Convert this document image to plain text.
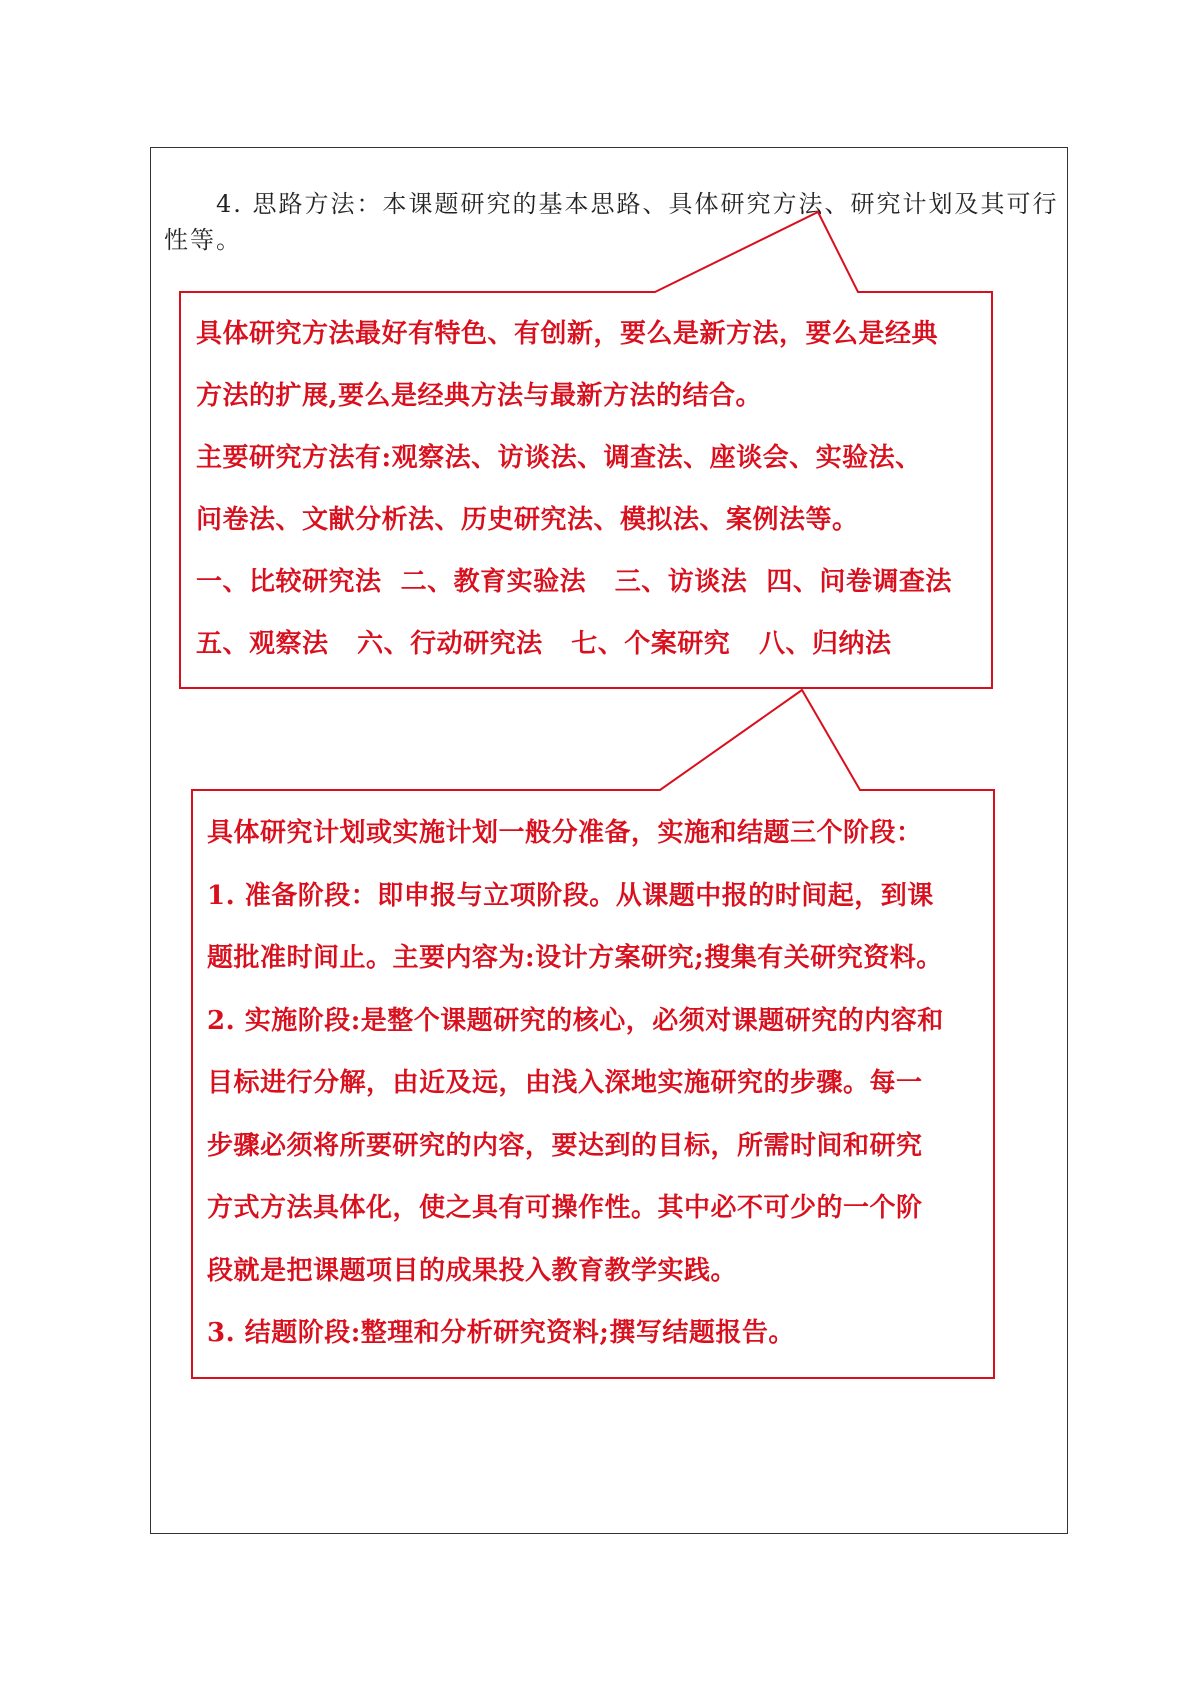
4. 思路方法：本课题研究的基本思路、具体研究方法、研究计划及其可行性等。

具体研究方法最好有特色、有创新，要么是新方法，要么是经典

方法的扩展,要么是经典方法与最新方法的结合。

主要研究方法有:观察法、访谈法、调查法、座谈会、实验法、

问卷法、文献分析法、历史研究法、模拟法、案例法等。

一、比较研究法  二、教育实验法   三、访谈法  四、问卷调查法

五、观察法   六、行动研究法   七、个案研究   八、归纳法

具体研究计划或实施计划一般分准备，实施和结题三个阶段：

1. 准备阶段：即申报与立项阶段。从课题中报的时间起，到课

题批准时间止。主要内容为:设计方案研究;搜集有关研究资料。

2. 实施阶段:是整个课题研究的核心，必须对课题研究的内容和

目标进行分解，由近及远，由浅入深地实施研究的步骤。每一

步骤必须将所要研究的内容，要达到的目标，所需时间和研究

方式方法具体化，使之具有可操作性。其中必不可少的一个阶

段就是把课题项目的成果投入教育教学实践。

3. 结题阶段:整理和分析研究资料;撰写结题报告。
